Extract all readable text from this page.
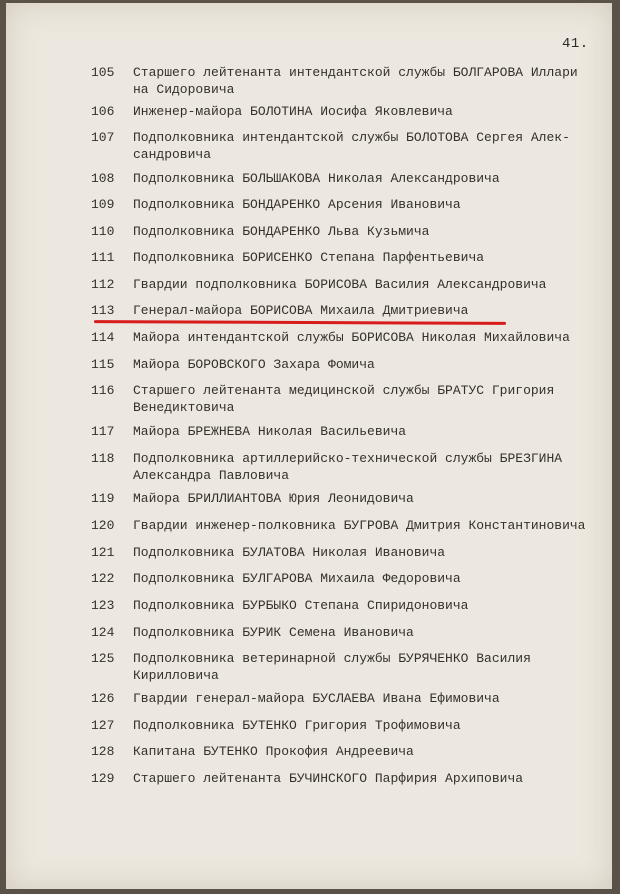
41.
105	Старшего лейтенанта интендантской службы БОЛГАРОВА Иллари
на Сидоровича
106	Инженер-майора БОЛОТИНА Иосифа Яковлевича
107	Подполковника интендантской службы БОЛОТОВА Сергея Алек-
сандровича
108	Подполковника БОЛЬШАКОВА Николая Александровича
109	Подполковника БОНДАРЕНКО Арсения Ивановича
110	Подполковника БОНДАРЕНКО Льва Кузьмича
111	Подполковника БОРИСЕНКО Степана Парфентьевича
112	Гвардии подполковника БОРИСОВА Василия Александровича
113	Генерал-майора БОРИСОВА Михаила Дмитриевича
114	Майора интендантской службы БОРИСОВА Николая Михайловича
115	Майора БОРОВСКОГО Захара Фомича
116	Старшего лейтенанта медицинской службы БРАТУС Григория
Венедиктовича
117	Майора БРЕЖНЕВА Николая Васильевича
118	Подполковника артиллерийско-технической службы БРЕЗГИНА
Александра Павловича
119	Майора БРИЛЛИАНТОВА Юрия Леонидовича
120	Гвардии инженер-полковника БУГРОВА Дмитрия Константиновича
121	Подполковника БУЛАТОВА Николая Ивановича
122	Подполковника БУЛГАРОВА Михаила Федоровича
123	Подполковника БУРБЫКО Степана Спиридоновича
124	Подполковника БУРИК Семена Ивановича
125	Подполковника ветеринарной службы БУРЯЧЕНКО Василия
Кирилловича
126	Гвардии генерал-майора БУСЛАЕВА Ивана Ефимовича
127	Подполковника БУТЕНКО Григория Трофимовича
128	Капитана БУТЕНКО Прокофия Андреевича
129	Старшего лейтенанта БУЧИНСКОГО Парфирия Архиповича
